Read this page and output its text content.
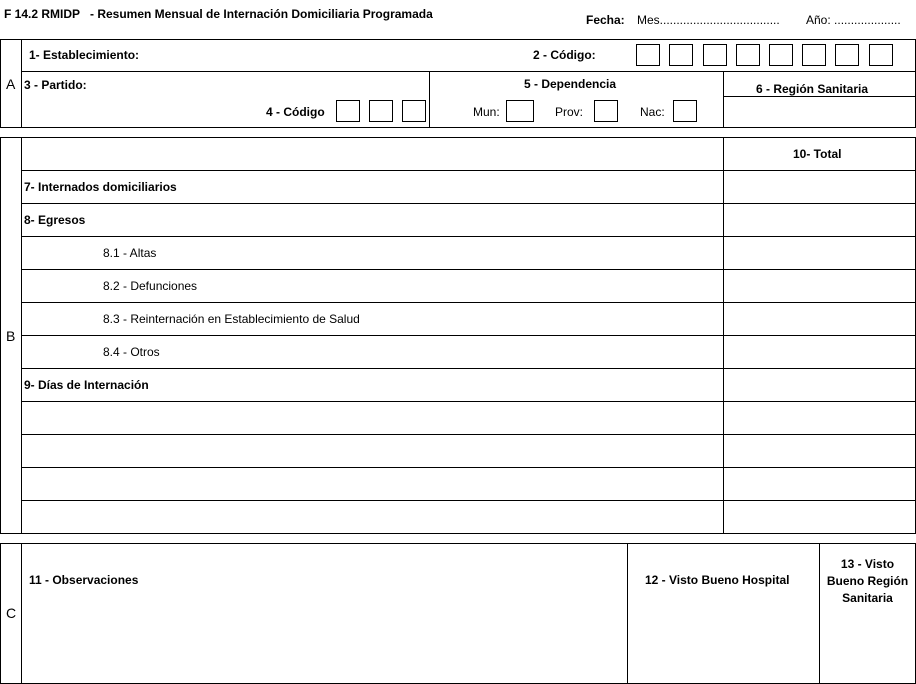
F 14.2 RMIDP - Resumen Mensual de Internación Domiciliaria Programada	Fecha: Mes.................................... Año: ....................
A
1- Establecimiento:	2 - Código:
3 - Partido:
4 - Código
5 - Dependencia
Mun:	Prov:	Nac:
6 - Región Sanitaria
B
10- Total
7- Internados domiciliarios
8- Egresos
8.1 - Altas
8.2 - Defunciones
8.3 - Reinternación en Establecimiento de Salud
8.4 - Otros
9- Días de Internación
C
11 - Observaciones	12 - Visto Bueno Hospital
13 - Visto
Bueno Región
Sanitaria
